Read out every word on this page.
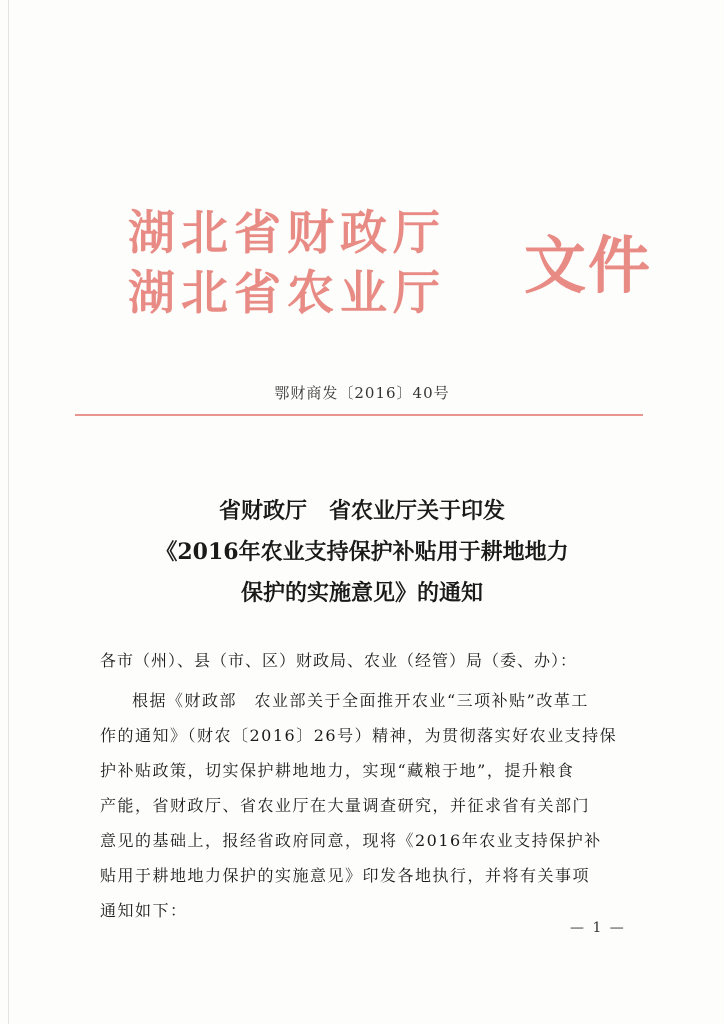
湖北省财政厅
湖北省农业厅 文件
鄂财商发〔2016〕40号
省财政厅　省农业厅关于印发
《2016年农业支持保护补贴用于耕地地力
保护的实施意见》的通知
各市（州）、县（市、区）财政局、农业（经管）局（委、办）：
根据《财政部　农业部关于全面推开农业“三项补贴”改革工
作的通知》（财农〔2016〕26号）精神，为贯彻落实好农业支持保
护补贴政策，切实保护耕地地力，实现“藏粮于地”，提升粮食
产能，省财政厅、省农业厅在大量调查研究，并征求省有关部门
意见的基础上，报经省政府同意，现将《2016年农业支持保护补
贴用于耕地地力保护的实施意见》印发各地执行，并将有关事项
通知如下：
— 1 —
